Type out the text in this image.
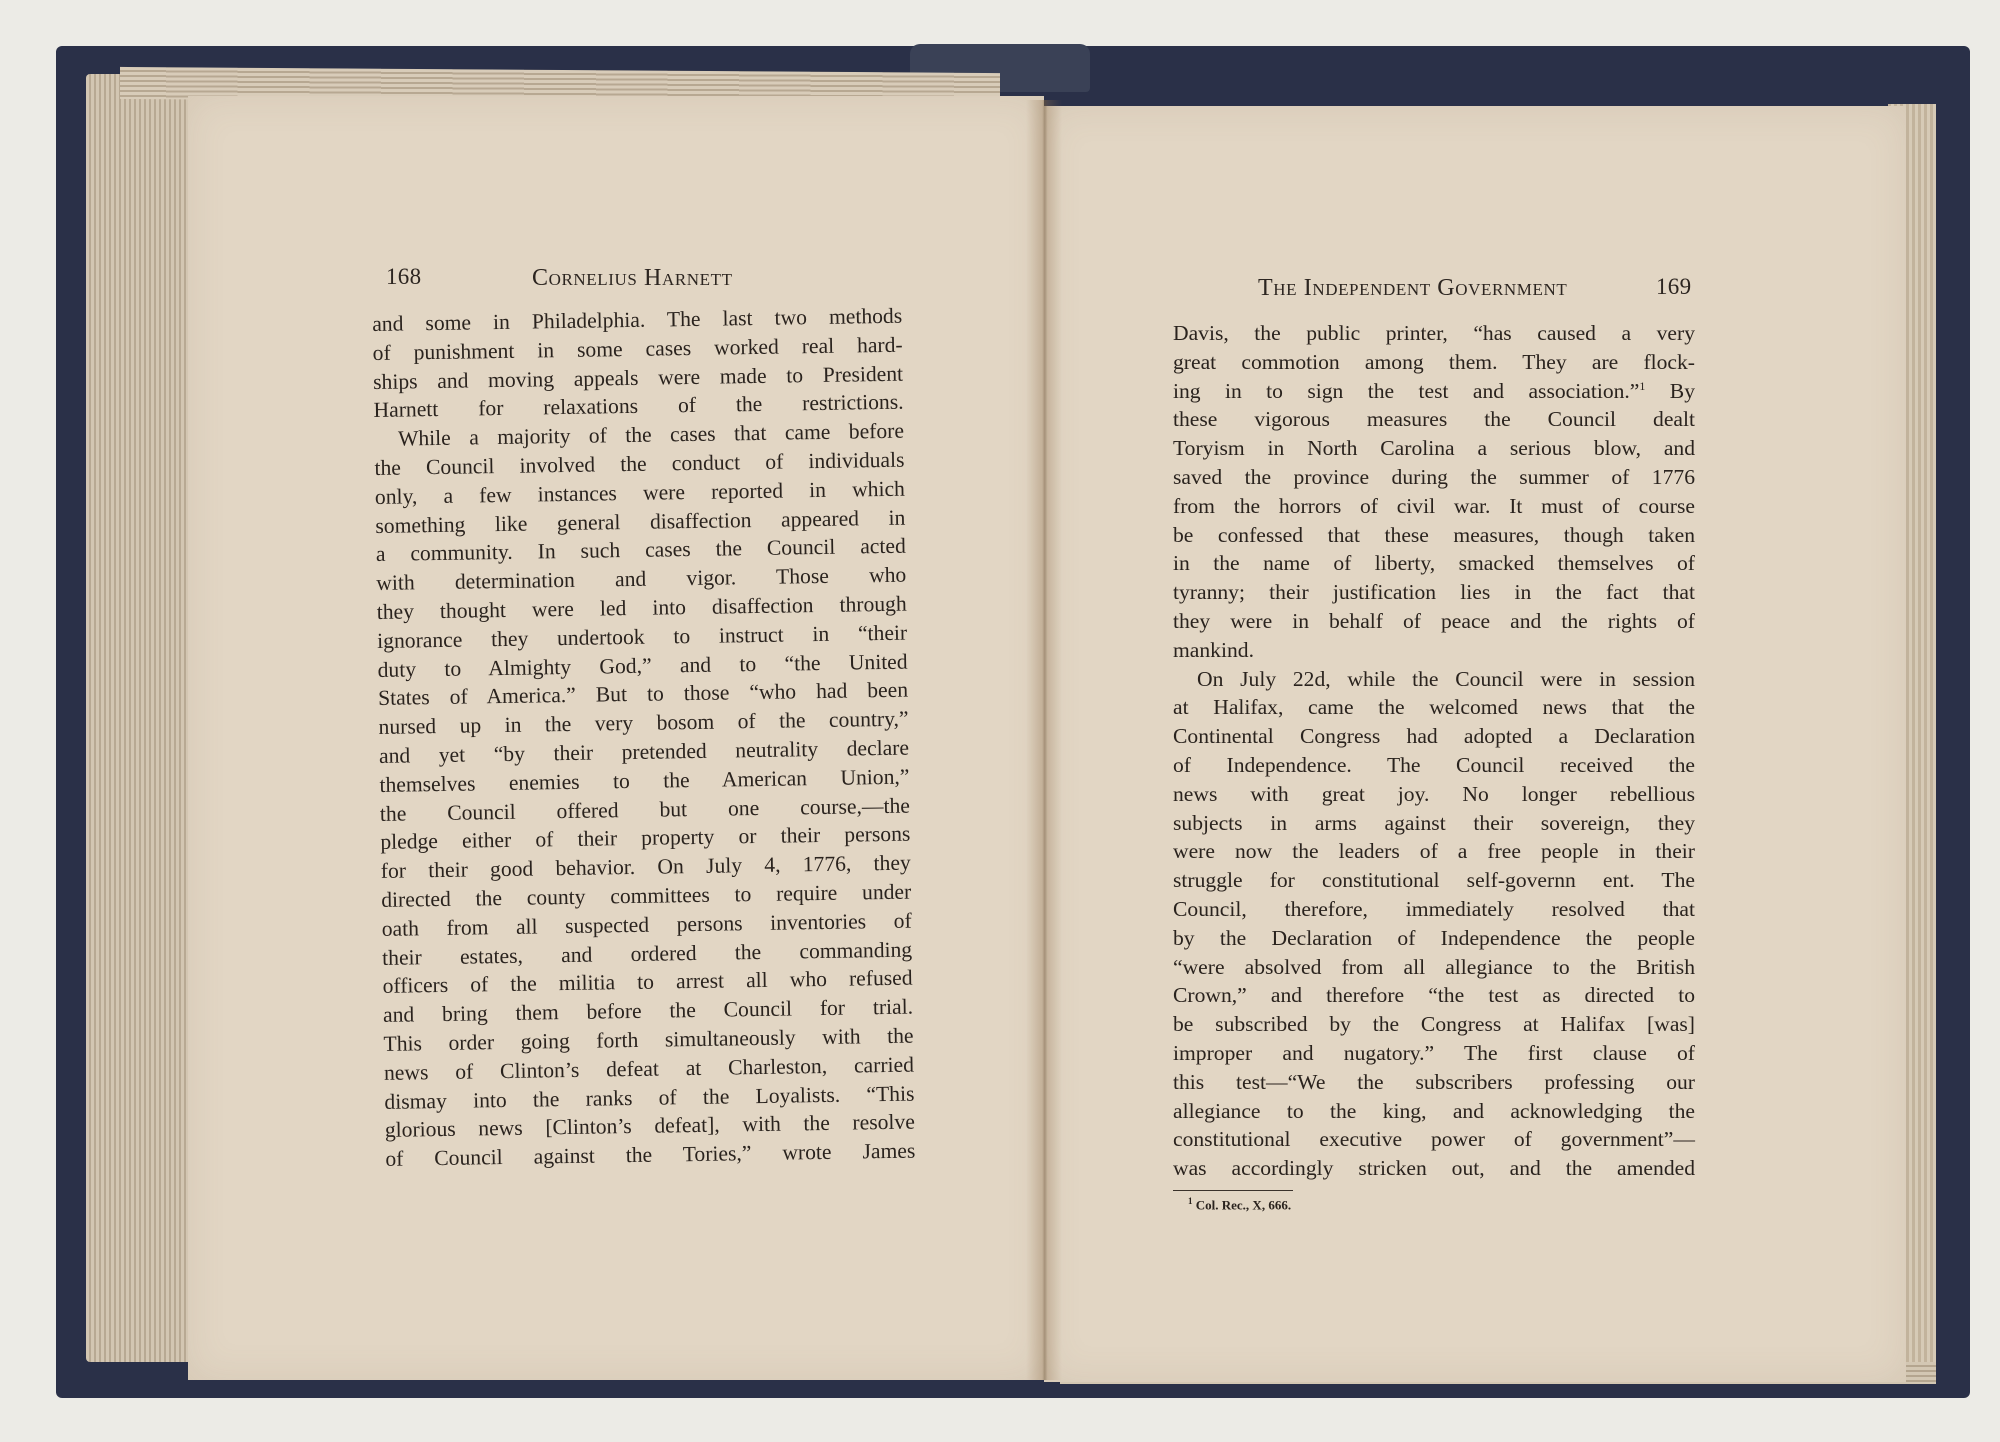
168	Cornelius Harnett
and some in Philadelphia. The last two methods
of punishment in some cases worked real hard-
ships and moving appeals were made to President
Harnett for relaxations of the restrictions.
While a majority of the cases that came before
the Council involved the conduct of individuals
only, a few instances were reported in which
something like general disaffection appeared in
a community. In such cases the Council acted
with determination and vigor. Those who
they thought were led into disaffection through
ignorance they undertook to instruct in “their
duty to Almighty God,” and to “the United
States of America.” But to those “who had been
nursed up in the very bosom of the country,”
and yet “by their pretended neutrality declare
themselves enemies to the American Union,”
the Council offered but one course,—the
pledge either of their property or their persons
for their good behavior. On July 4, 1776, they
directed the county committees to require under
oath from all suspected persons inventories of
their estates, and ordered the commanding
officers of the militia to arrest all who refused
and bring them before the Council for trial.
This order going forth simultaneously with the
news of Clinton’s defeat at Charleston, carried
dismay into the ranks of the Loyalists. “This
glorious news [Clinton’s defeat], with the resolve
of Council against the Tories,” wrote James
The Independent Government	169
Davis, the public printer, “has caused a very
great commotion among them. They are flock-
ing in to sign the test and association.”$^1$ By
these vigorous measures the Council dealt
Toryism in North Carolina a serious blow, and
saved the province during the summer of 1776
from the horrors of civil war. It must of course
be confessed that these measures, though taken
in the name of liberty, smacked themselves of
tyranny; their justification lies in the fact that
they were in behalf of peace and the rights of
mankind.
On July 22d, while the Council were in session
at Halifax, came the welcomed news that the
Continental Congress had adopted a Declaration
of Independence. The Council received the
news with great joy. No longer rebellious
subjects in arms against their sovereign, they
were now the leaders of a free people in their
struggle for constitutional self-governn ent. The
Council, therefore, immediately resolved that
by the Declaration of Independence the people
“were absolved from all allegiance to the British
Crown,” and therefore “the test as directed to
be subscribed by the Congress at Halifax [was]
improper and nugatory.” The first clause of
this test—“We the subscribers professing our
allegiance to the king, and acknowledging the
constitutional executive power of government”—
was accordingly stricken out, and the amended
$^1$ Col. Rec., X, 666.
